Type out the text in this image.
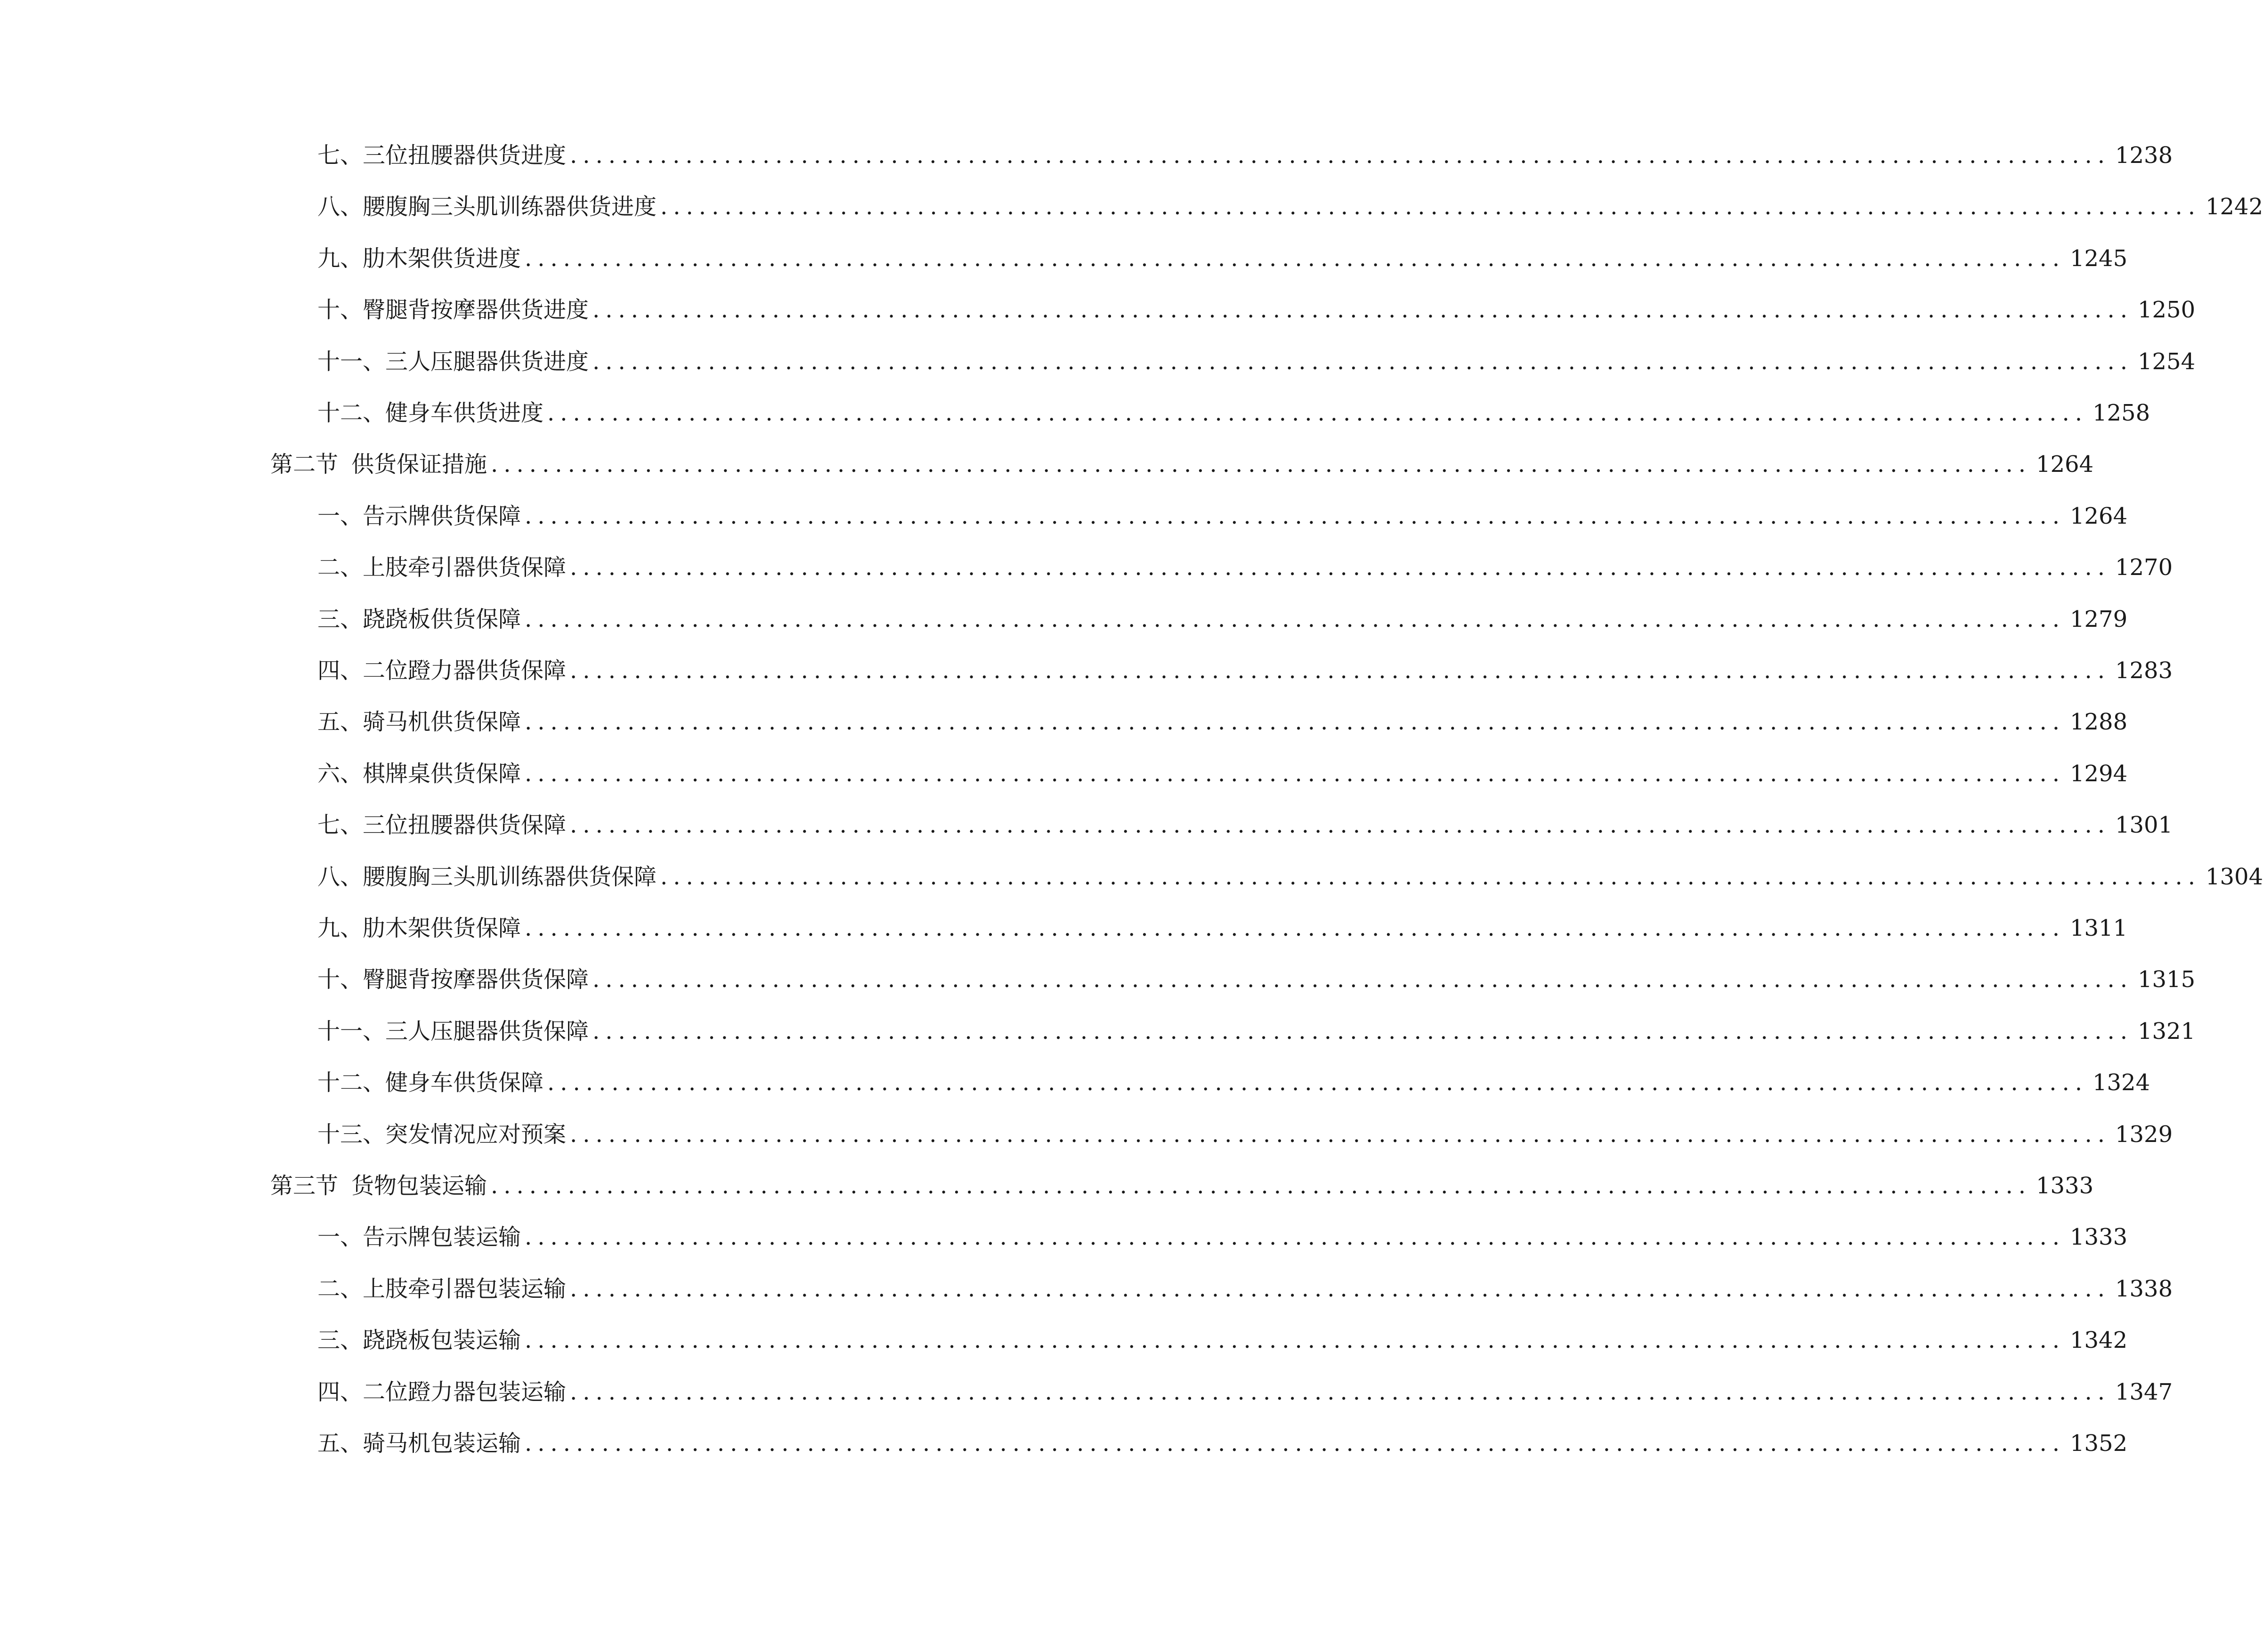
七、 三位扭腰器供货进度 ........................................................................................................................ 1238
八、 腰腹胸三头肌训练器供货进度 ........................................................................................................................ 1242
九、 肋木架供货进度 ........................................................................................................................ 1245
十、 臀腿背按摩器供货进度 ........................................................................................................................ 1250
十一、 三人压腿器供货进度 ........................................................................................................................ 1254
十二、 健身车供货进度 ........................................................................................................................ 1258
第二节 供货保证措施 ........................................................................................................................ 1264
一、 告示牌供货保障 ........................................................................................................................ 1264
二、 上肢牵引器供货保障 ........................................................................................................................ 1270
三、 跷跷板供货保障 ........................................................................................................................ 1279
四、 二位蹬力器供货保障 ........................................................................................................................ 1283
五、 骑马机供货保障 ........................................................................................................................ 1288
六、 棋牌桌供货保障 ........................................................................................................................ 1294
七、 三位扭腰器供货保障 ........................................................................................................................ 1301
八、 腰腹胸三头肌训练器供货保障 ........................................................................................................................ 1304
九、 肋木架供货保障 ........................................................................................................................ 1311
十、 臀腿背按摩器供货保障 ........................................................................................................................ 1315
十一、 三人压腿器供货保障 ........................................................................................................................ 1321
十二、 健身车供货保障 ........................................................................................................................ 1324
十三、 突发情况应对预案 ........................................................................................................................ 1329
第三节 货物包装运输 ........................................................................................................................ 1333
一、 告示牌包装运输 ........................................................................................................................ 1333
二、 上肢牵引器包装运输 ........................................................................................................................ 1338
三、 跷跷板包装运输 ........................................................................................................................ 1342
四、 二位蹬力器包装运输 ........................................................................................................................ 1347
五、 骑马机包装运输 ........................................................................................................................ 1352
